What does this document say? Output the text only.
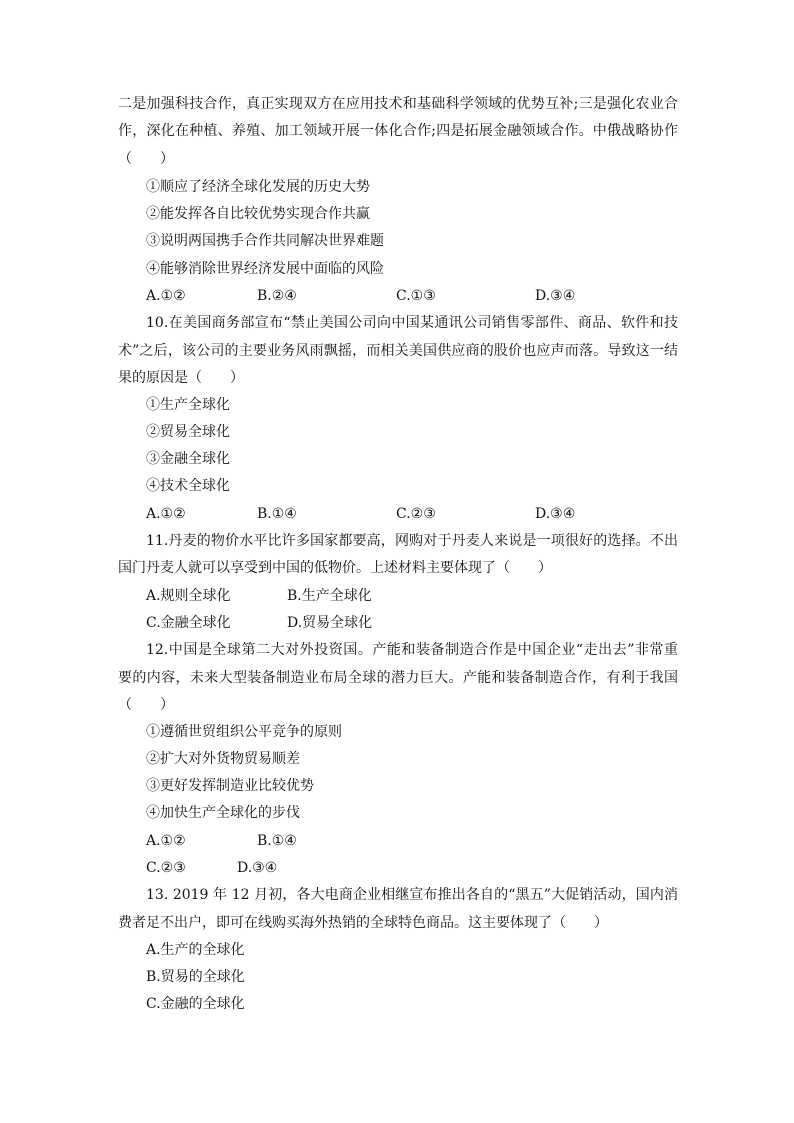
二是加强科技合作，真正实现双方在应用技术和基础科学领域的优势互补;三是强化农业合
作，深化在种植、养殖、加工领域开展一体化合作;四是拓展金融领域合作。中俄战略协作
（　　）
①顺应了经济全球化发展的历史大势
②能发挥各自比较优势实现合作共赢
③说明两国携手合作共同解决世界难题
④能够消除世界经济发展中面临的风险
A.①②	B.②④	C.①③	D.③④
10.在美国商务部宣布“禁止美国公司向中国某通讯公司销售零部件、商品、软件和技
术”之后，该公司的主要业务风雨飘摇，而相关美国供应商的股价也应声而落。导致这一结
果的原因是（　　）
①生产全球化
②贸易全球化
③金融全球化
④技术全球化
A.①②	B.①④	C.②③	D.③④
11.丹麦的物价水平比许多国家都要高，网购对于丹麦人来说是一项很好的选择。不出
国门丹麦人就可以享受到中国的低物价。上述材料主要体现了（　　）
A.规则全球化	B.生产全球化
C.金融全球化	D.贸易全球化
12.中国是全球第二大对外投资国。产能和装备制造合作是中国企业“走出去”非常重
要的内容，未来大型装备制造业布局全球的潜力巨大。产能和装备制造合作，有利于我国
（　　）
①遵循世贸组织公平竞争的原则
②扩大对外货物贸易顺差
③更好发挥制造业比较优势
④加快生产全球化的步伐
A.①②	B.①④
C.②③	D.③④
13. 2019 年 12 月初，各大电商企业相继宣布推出各自的“黑五”大促销活动，国内消
费者足不出户，即可在线购买海外热销的全球特色商品。这主要体现了（　　）
A.生产的全球化
B.贸易的全球化
C.金融的全球化
